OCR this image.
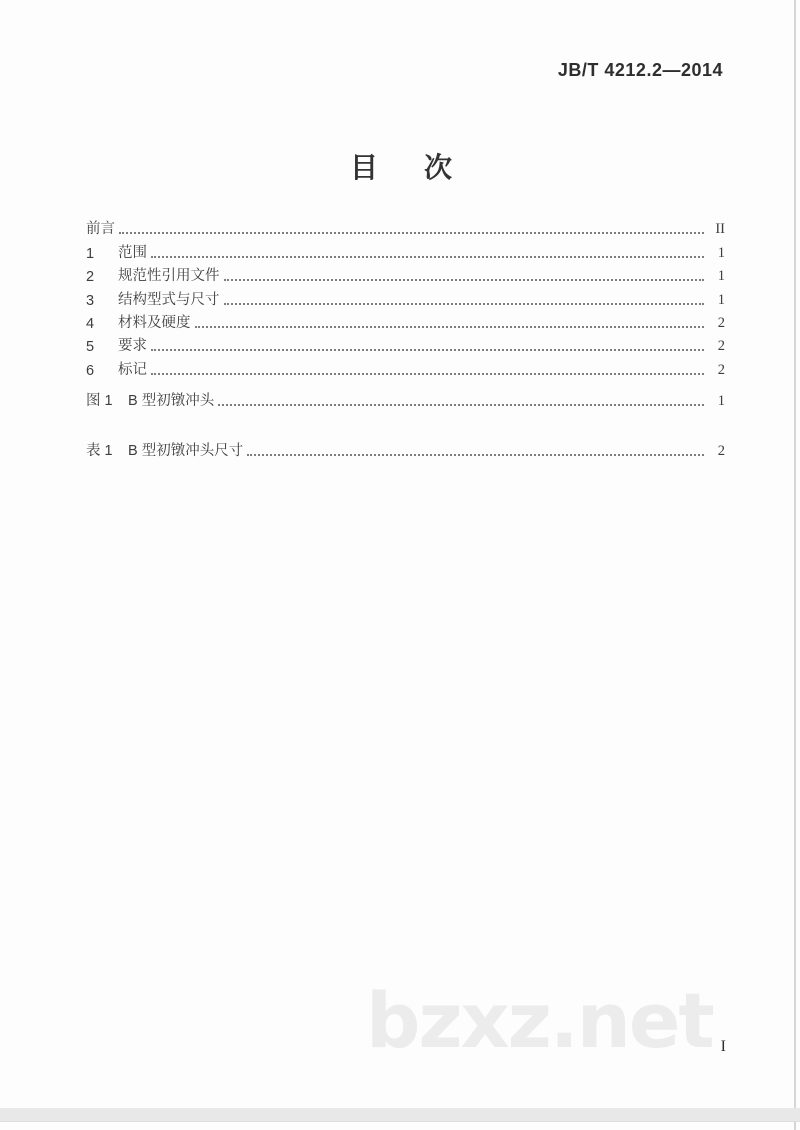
JB/T 4212.2—2014
目　次
前言	II
1	范围	1
2	规范性引用文件	1
3	结构型式与尺寸	1
4	材料及硬度	2
5	要求	2
6	标记	2
图 1	B 型初镦冲头	1
表 1	B 型初镦冲头尺寸	2
bzxz.net I
